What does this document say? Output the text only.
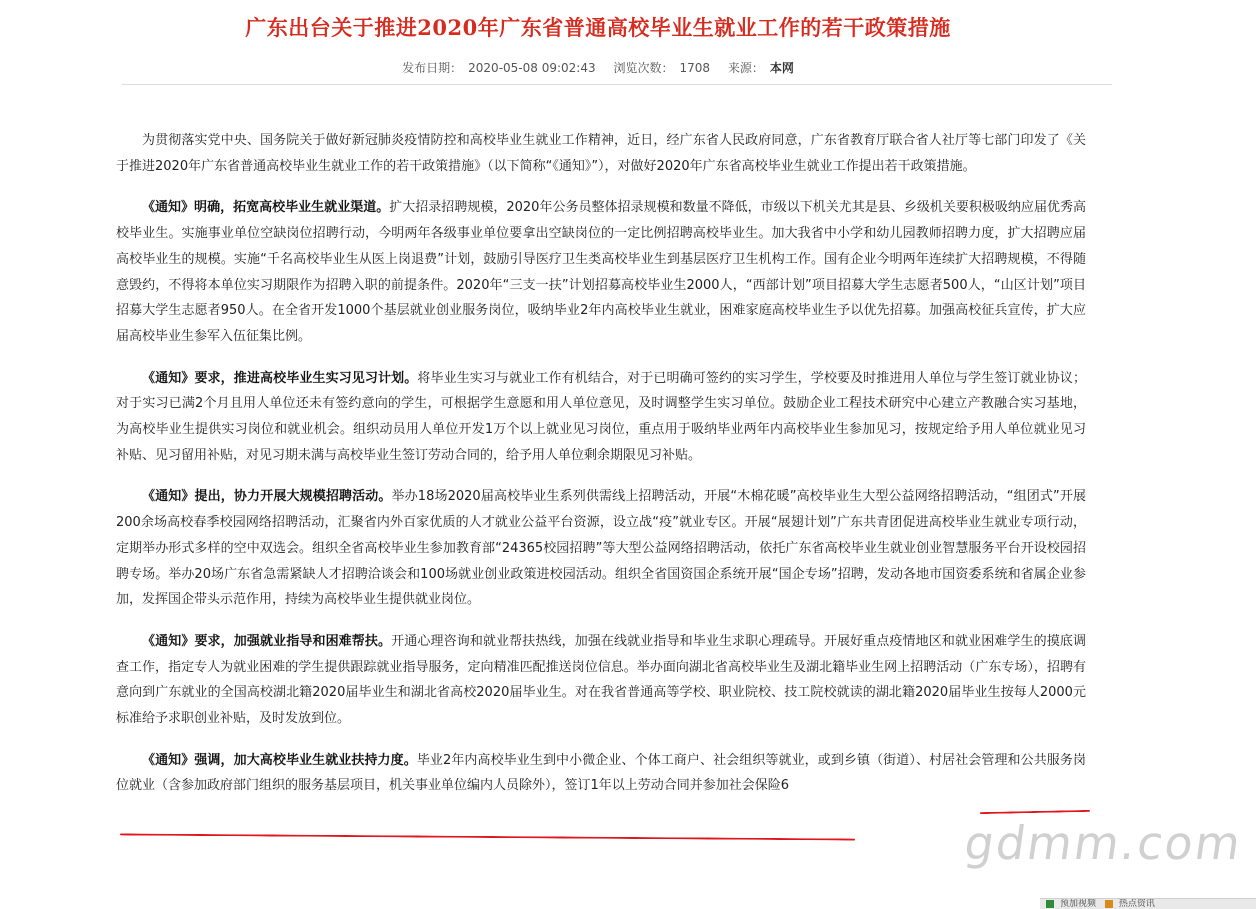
广东出台关于推进2020年广东省普通高校毕业生就业工作的若干政策措施
发布日期： 2020-05-08 09:02:43 浏览次数： 1708 来源： 本网

为贯彻落实党中央、国务院关于做好新冠肺炎疫情防控和高校毕业生就业工作精神，近日，经广东省人民政府同意，广东省教育厅联合省人社厅等七部门印发了《关于推进2020年广东省普通高校毕业生就业工作的若干政策措施》（以下简称“《通知》”），对做好2020年广东省高校毕业生就业工作提出若干政策措施。

《通知》明确，拓宽高校毕业生就业渠道。扩大招录招聘规模，2020年公务员整体招录规模和数量不降低，市级以下机关尤其是县、乡级机关要积极吸纳应届优秀高校毕业生。实施事业单位空缺岗位招聘行动，今明两年各级事业单位要拿出空缺岗位的一定比例招聘高校毕业生。加大我省中小学和幼儿园教师招聘力度，扩大招聘应届高校毕业生的规模。实施“千名高校毕业生从医上岗退费”计划，鼓励引导医疗卫生类高校毕业生到基层医疗卫生机构工作。国有企业今明两年连续扩大招聘规模，不得随意毁约，不得将本单位实习期限作为招聘入职的前提条件。2020年“三支一扶”计划招募高校毕业生2000人，“西部计划”项目招募大学生志愿者500人，“山区计划”项目招募大学生志愿者950人。在全省开发1000个基层就业创业服务岗位，吸纳毕业2年内高校毕业生就业，困难家庭高校毕业生予以优先招募。加强高校征兵宣传，扩大应届高校毕业生参军入伍征集比例。

《通知》要求，推进高校毕业生实习见习计划。将毕业生实习与就业工作有机结合，对于已明确可签约的实习学生，学校要及时推进用人单位与学生签订就业协议；对于实习已满2个月且用人单位还未有签约意向的学生，可根据学生意愿和用人单位意见，及时调整学生实习单位。鼓励企业工程技术研究中心建立产教融合实习基地，为高校毕业生提供实习岗位和就业机会。组织动员用人单位开发1万个以上就业见习岗位，重点用于吸纳毕业两年内高校毕业生参加见习，按规定给予用人单位就业见习补贴、见习留用补贴，对见习期未满与高校毕业生签订劳动合同的，给予用人单位剩余期限见习补贴。

《通知》提出，协力开展大规模招聘活动。举办18场2020届高校毕业生系列供需线上招聘活动，开展“木棉花暖”高校毕业生大型公益网络招聘活动，“组团式”开展200余场高校春季校园网络招聘活动，汇聚省内外百家优质的人才就业公益平台资源，设立战“疫”就业专区。开展“展翅计划”广东共青团促进高校毕业生就业专项行动，定期举办形式多样的空中双选会。组织全省高校毕业生参加教育部“24365校园招聘”等大型公益网络招聘活动，依托广东省高校毕业生就业创业智慧服务平台开设校园招聘专场。举办20场广东省急需紧缺人才招聘洽谈会和100场就业创业政策进校园活动。组织全省国资国企系统开展“国企专场”招聘，发动各地市国资委系统和省属企业参加，发挥国企带头示范作用，持续为高校毕业生提供就业岗位。

《通知》要求，加强就业指导和困难帮扶。开通心理咨询和就业帮扶热线，加强在线就业指导和毕业生求职心理疏导。开展好重点疫情地区和就业困难学生的摸底调查工作，指定专人为就业困难的学生提供跟踪就业指导服务，定向精准匹配推送岗位信息。举办面向湖北省高校毕业生及湖北籍毕业生网上招聘活动（广东专场），招聘有意向到广东就业的全国高校湖北籍2020届毕业生和湖北省高校2020届毕业生。对在我省普通高等学校、职业院校、技工院校就读的湖北籍2020届毕业生按每人2000元标准给予求职创业补贴，及时发放到位。

《通知》强调，加大高校毕业生就业扶持力度。毕业2年内高校毕业生到中小微企业、个体工商户、社会组织等就业，或到乡镇（街道）、村居社会管理和公共服务岗位就业（含参加政府部门组织的服务基层项目，机关事业单位编内人员除外），签订1年以上劳动合同并参加社会保险6

gdmm.com
预加视频	热点资讯
